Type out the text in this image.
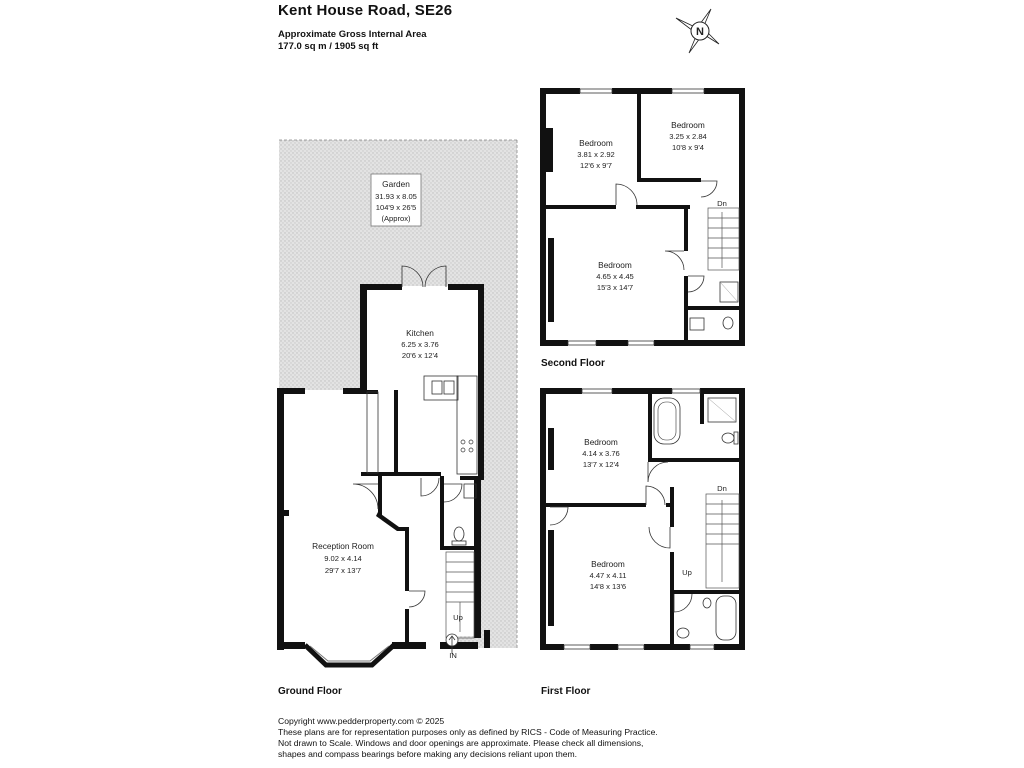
Kent House Road, SE26
Approximate Gross Internal Area
177.0 sq m / 1905 sq ft
N
Garden
31.93 x 8.05
104'9 x 26'5
(Approx)
Kitchen
6.25 x 3.76
20'6 x 12'4
Reception Room
9.02 x 4.14
29'7 x 13'7
Bedroom
3.81 x 2.92
12'6 x 9'7
Bedroom
3.25 x 2.84
10'8 x 9'4
Bedroom
4.65 x 4.45
15'3 x 14'7
Bedroom
4.14 x 3.76
13'7 x 12'4
Bedroom
4.47 x 4.11
14'8 x 13'6
Up
IN
Dn
Dn
Up
Ground Floor	First Floor
Second Floor
Copyright www.pedderproperty.com © 2025
These plans are for representation purposes only as defined by RICS - Code of Measuring Practice.
Not drawn to Scale. Windows and door openings are approximate. Please check all dimensions,
shapes and compass bearings before making any decisions reliant upon them.
